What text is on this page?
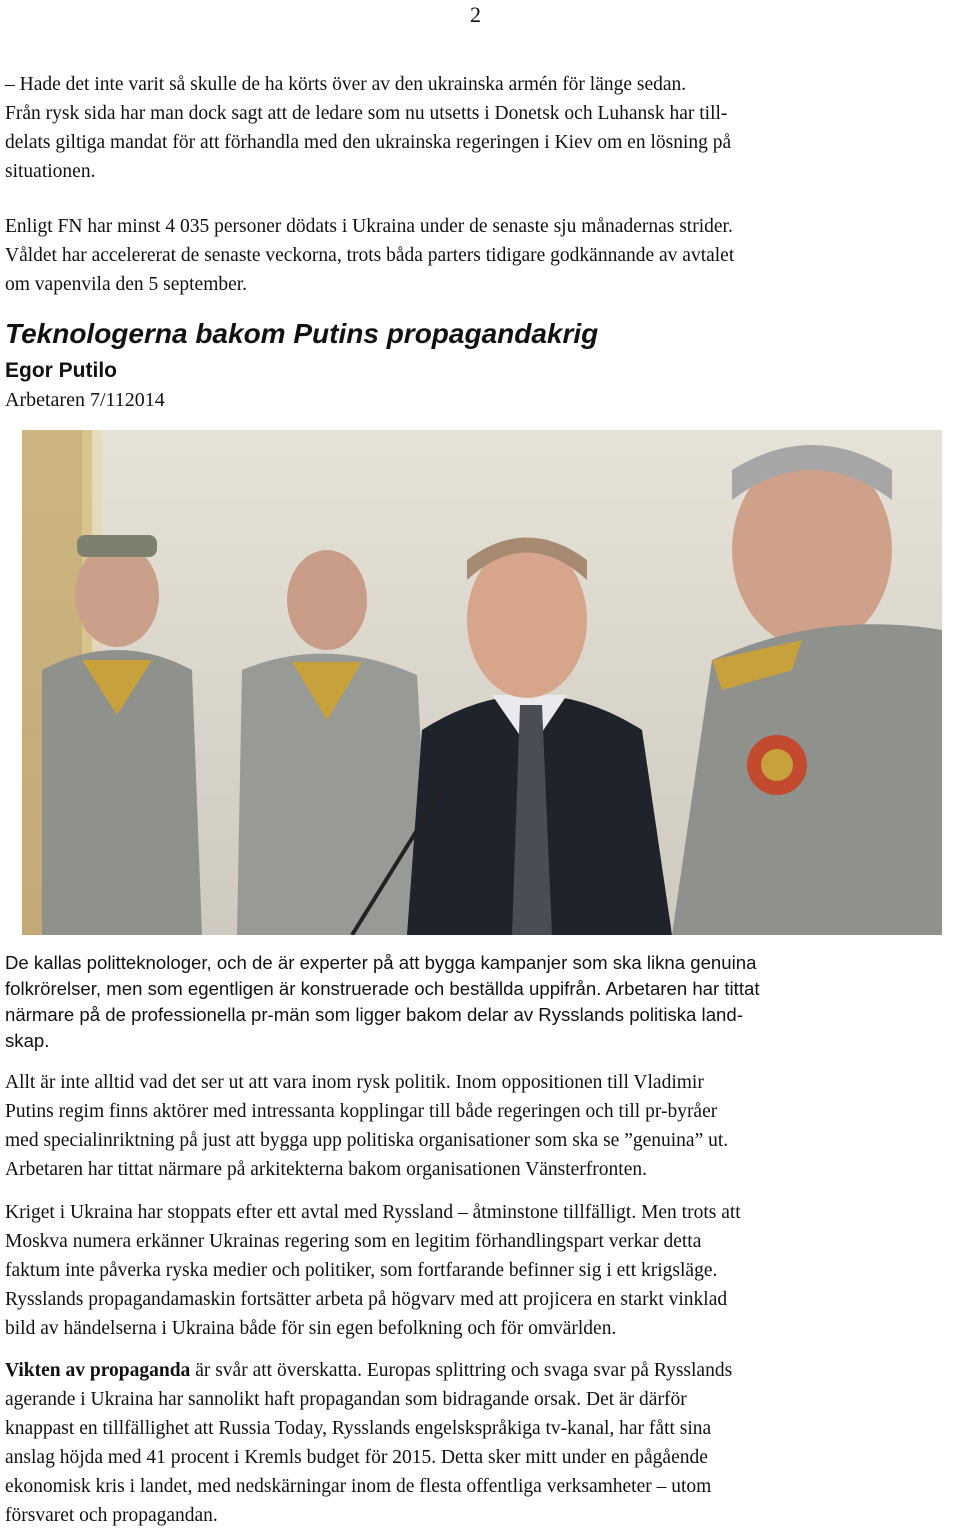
2
– Hade det inte varit så skulle de ha körts över av den ukrainska armén för länge sedan.
Från rysk sida har man dock sagt att de ledare som nu utsetts i Donetsk och Luhansk har till-
delats giltiga mandat för att förhandla med den ukrainska regeringen i Kiev om en lösning på
situationen.
Enligt FN har minst 4 035 personer dödats i Ukraina under de senaste sju månadernas strider.
Våldet har accelererat de senaste veckorna, trots båda parters tidigare godkännande av avtalet
om vapenvila den 5 september.
Teknologerna bakom Putins propagandakrig
Egor Putilo
Arbetaren 7/112014
De kallas politteknologer, och de är experter på att bygga kampanjer som ska likna genuina
folkrörelser, men som egentligen är konstruerade och beställda uppifrån. Arbetaren har tittat
närmare på de professionella pr-män som ligger bakom delar av Rysslands politiska land-
skap.
Allt är inte alltid vad det ser ut att vara inom rysk politik. Inom oppositionen till Vladimir
Putins regim finns aktörer med intressanta kopplingar till både regeringen och till pr-byråer
med specialinriktning på just att bygga upp politiska organisationer som ska se ”genuina” ut.
Arbetaren har tittat närmare på arkitekterna bakom organisationen Vänsterfronten.
Kriget i Ukraina har stoppats efter ett avtal med Ryssland – åtminstone tillfälligt. Men trots att
Moskva numera erkänner Ukrainas regering som en legitim förhandlingspart verkar detta
faktum inte påverka ryska medier och politiker, som fortfarande befinner sig i ett krigsläge.
Rysslands propagandamaskin fortsätter arbeta på högvarv med att projicera en starkt vinklad
bild av händelserna i Ukraina både för sin egen befolkning och för omvärlden.
Vikten av propaganda är svår att överskatta. Europas splittring och svaga svar på Rysslands
agerande i Ukraina har sannolikt haft propagandan som bidragande orsak. Det är därför
knappast en tillfällighet att Russia Today, Rysslands engelskspråkiga tv-kanal, har fått sina
anslag höjda med 41 procent i Kremls budget för 2015. Detta sker mitt under en pågående
ekonomisk kris i landet, med nedskärningar inom de flesta offentliga verksamheter – utom
försvaret och propagandan.
